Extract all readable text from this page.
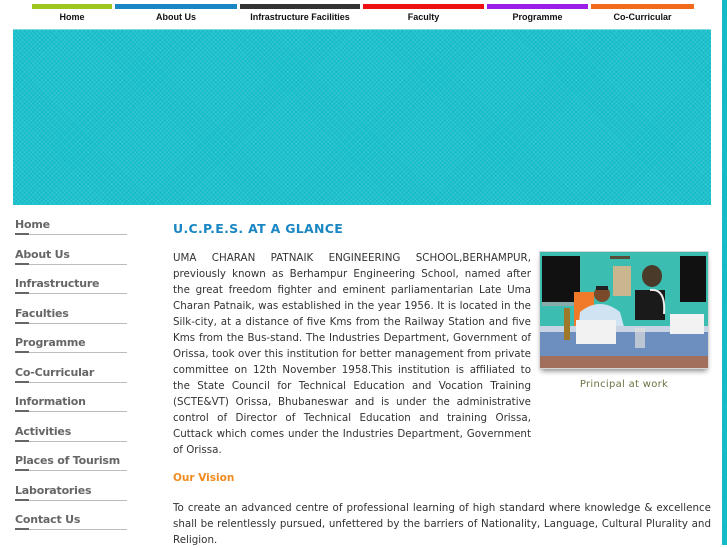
Home	About Us	Infrastructure Facilities	Faculty	Programme	Co-Curricular
Home
About Us
Infrastructure
Faculties
Programme
Co-Curricular
Information
Activities
Places of Tourism
Laboratories
Contact Us
U.C.P.E.S. AT A GLANCE

UMA CHARAN PATNAIK ENGINEERING SCHOOL,BERHAMPUR, previously known as Berhampur Engineering School, named after the great freedom fighter and eminent parliamentarian Late Uma Charan Patnaik, was established in the year 1956. It is located in the Silk-city, at a distance of five Kms from the Railway Station and five Kms from the Bus-stand. The Industries Department, Government of Orissa, took over this institution for better management from private committee on 12th November 1958.This institution is affiliated to the State Council for Technical Education and Vocation Training (SCTE&VT) Orissa, Bhubaneswar and is under the administrative control of Director of Technical Education and training Orissa, Cuttack which comes under the Industries Department, Government of Orissa.

Principal at work
Our Vision

To create an advanced centre of professional learning of high standard where knowledge & excellence shall be relentlessly pursued, unfettered by the barriers of Nationality, Language, Cultural Plurality and Religion.
